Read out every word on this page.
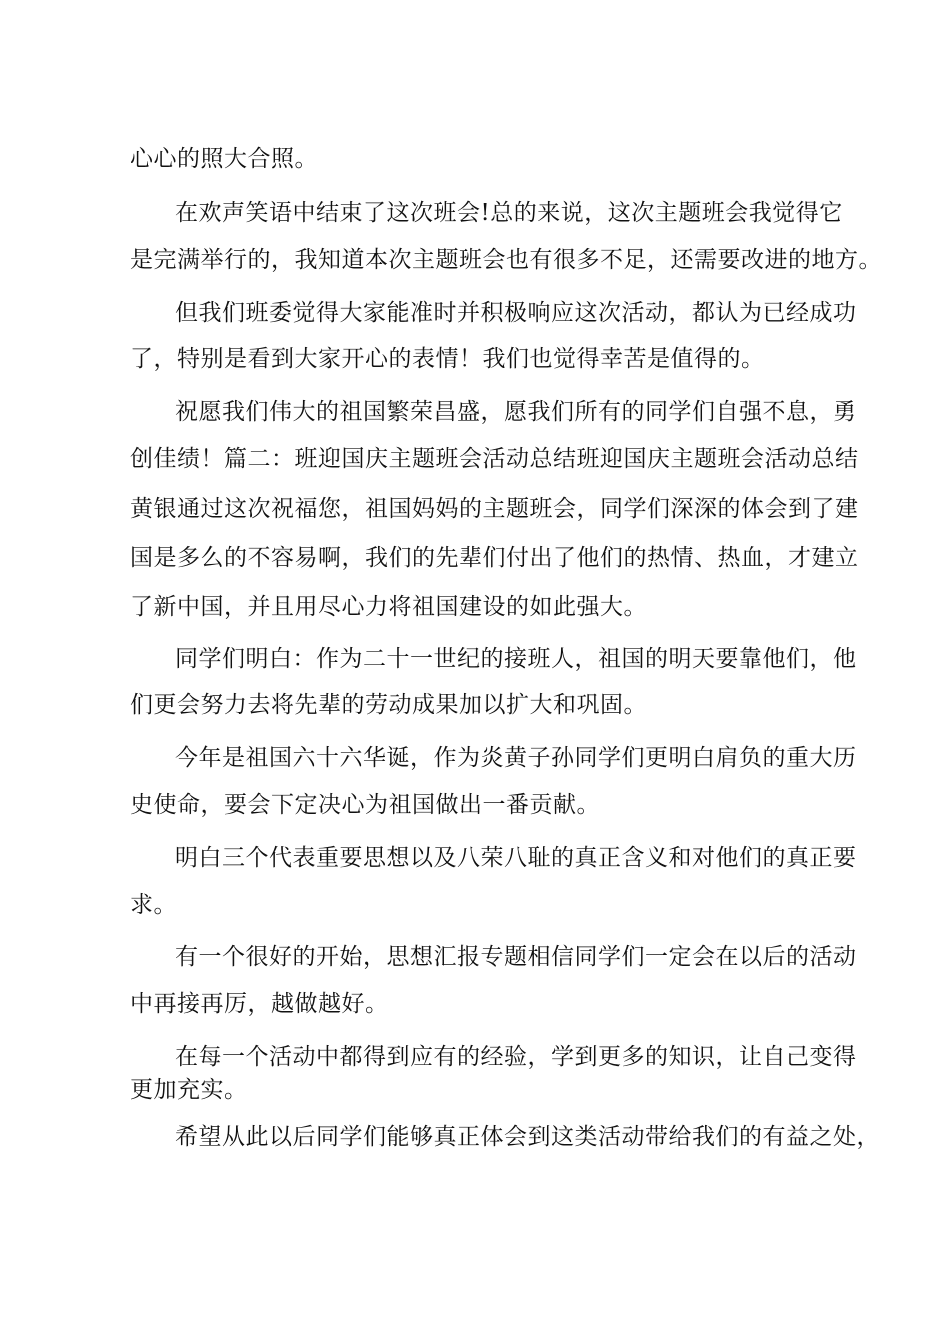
心心的照大合照。
在欢声笑语中结束了这次班会!总的来说，这次主题班会我觉得它
是完满举行的，我知道本次主题班会也有很多不足，还需要改进的地方。
但我们班委觉得大家能准时并积极响应这次活动，都认为已经成功
了，特别是看到大家开心的表情！我们也觉得幸苦是值得的。
祝愿我们伟大的祖国繁荣昌盛，愿我们所有的同学们自强不息，勇
创佳绩！篇二：班迎国庆主题班会活动总结班迎国庆主题班会活动总结
黄银通过这次祝福您，祖国妈妈的主题班会，同学们深深的体会到了建
国是多么的不容易啊，我们的先辈们付出了他们的热情、热血，才建立
了新中国，并且用尽心力将祖国建设的如此强大。
同学们明白：作为二十一世纪的接班人，祖国的明天要靠他们，他
们更会努力去将先辈的劳动成果加以扩大和巩固。
今年是祖国六十六华诞，作为炎黄子孙同学们更明白肩负的重大历
史使命，要会下定决心为祖国做出一番贡献。
明白三个代表重要思想以及八荣八耻的真正含义和对他们的真正要
求。
有一个很好的开始，思想汇报专题相信同学们一定会在以后的活动
中再接再厉，越做越好。
在每一个活动中都得到应有的经验，学到更多的知识，让自己变得
更加充实。
希望从此以后同学们能够真正体会到这类活动带给我们的有益之处，
